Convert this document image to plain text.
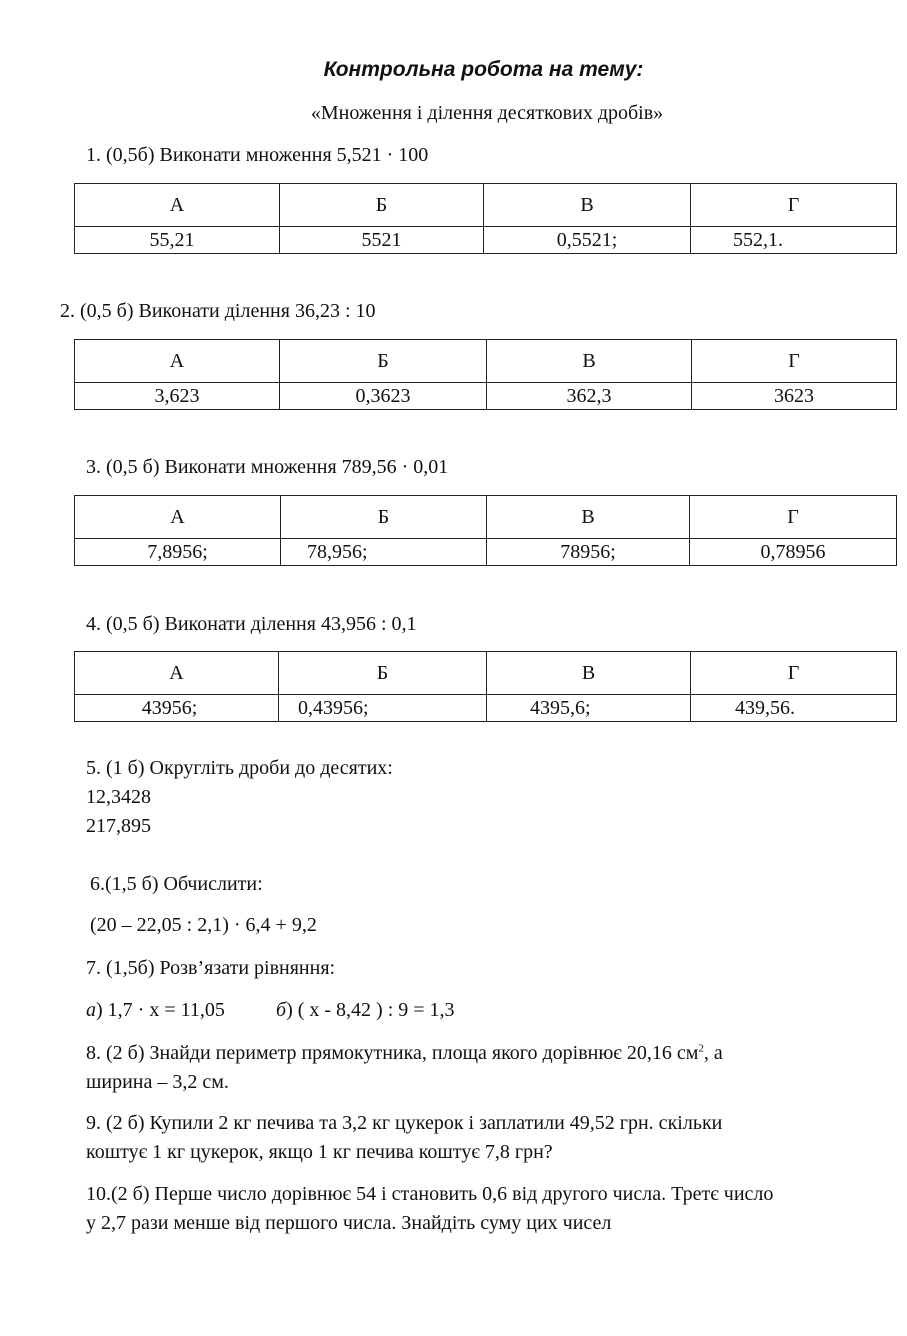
Контрольна робота на тему:
«Множення і ділення десяткових дробів»
1. (0,5б) Виконати множення 5,521 · 100
А	Б	В	Г
55,21	5521	0,5521;	552,1.
2. (0,5 б) Виконати ділення 36,23 : 10
А	Б	В	Г
3,623	0,3623	362,3	3623
3. (0,5 б) Виконати множення 789,56 · 0,01
А	Б	В	Г
7,8956;	78,956;	78956;	0,78956
4. (0,5 б) Виконати ділення 43,956 : 0,1
А	Б	В	Г
43956;	0,43956;	4395,6;	439,56.
5. (1 б) Округліть дроби до десятих:
12,3428
217,895
6.(1,5 б) Обчислити:
(20 – 22,05 : 2,1) · 6,4 + 9,2
7. (1,5б) Розв’язати рівняння:
а) 1,7 · х = 11,05	б) ( х - 8,42 ) : 9 = 1,3
8. (2 б) Знайди периметр прямокутника, площа якого дорівнює 20,16 $см^2$, а
ширина – 3,2 см.
9. (2 б) Купили 2 кг печива та 3,2 кг цукерок і заплатили 49,52 грн. скільки
коштує 1 кг цукерок, якщо 1 кг печива коштує 7,8 грн?
10.(2 б) Перше число дорівнює 54 і становить 0,6 від другого числа. Третє число
у 2,7 рази менше від першого числа. Знайдіть суму цих чисел
